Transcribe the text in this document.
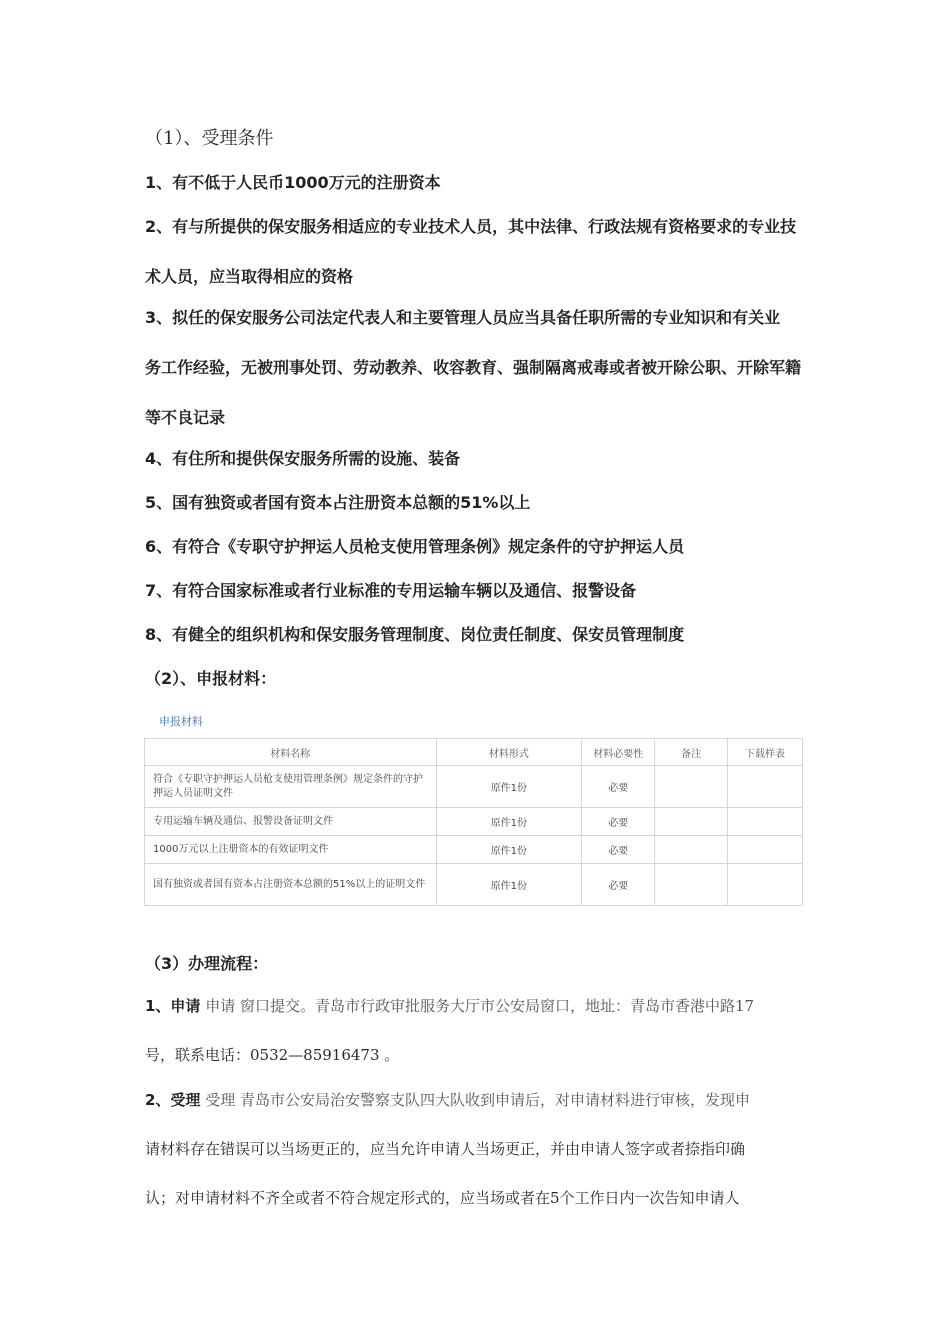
（1）、受理条件
1、有不低于人民币1000万元的注册资本
2、有与所提供的保安服务相适应的专业技术人员，其中法律、行政法规有资格要求的专业技
术人员，应当取得相应的资格
3、拟任的保安服务公司法定代表人和主要管理人员应当具备任职所需的专业知识和有关业
务工作经验，无被刑事处罚、劳动教养、收容教育、强制隔离戒毒或者被开除公职、开除军籍
等不良记录
4、有住所和提供保安服务所需的设施、装备
5、国有独资或者国有资本占注册资本总额的51%以上
6、有符合《专职守护押运人员枪支使用管理条例》规定条件的守护押运人员
7、有符合国家标准或者行业标准的专用运输车辆以及通信、报警设备
8、有健全的组织机构和保安服务管理制度、岗位责任制度、保安员管理制度
（2）、申报材料：
申报材料
材料名称	材料形式	材料必要性	备注	下载样表
符合《专职守护押运人员枪支使用管理条例》规定条件的守护押运人员证明文件	原件1份	必要		
专用运输车辆及通信、报警设备证明文件	原件1份	必要		
1000万元以上注册资本的有效证明文件	原件1份	必要		
国有独资或者国有资本占注册资本总额的51%以上的证明文件	原件1份	必要		
（3）办理流程：
1、申请 申请 窗口提交。青岛市行政审批服务大厅市公安局窗口，地址：青岛市香港中路17
号，联系电话：0532—85916473 。
2、受理 受理 青岛市公安局治安警察支队四大队收到申请后，对申请材料进行审核，发现申
请材料存在错误可以当场更正的，应当允许申请人当场更正，并由申请人签字或者捺指印确
认；对申请材料不齐全或者不符合规定形式的，应当场或者在5个工作日内一次告知申请人
